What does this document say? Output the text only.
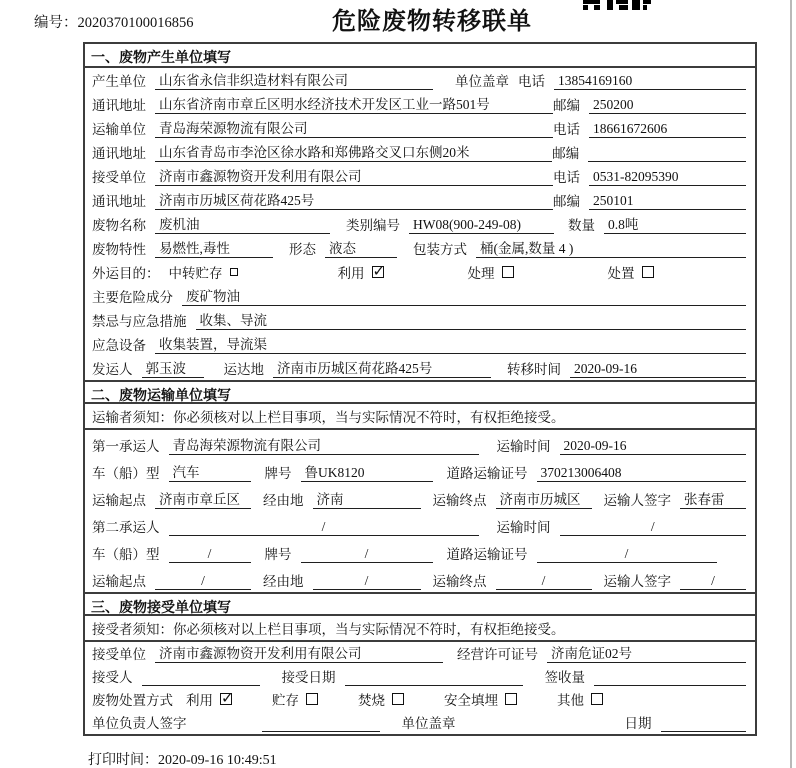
编号：2020370100016856	危险废物转移联单
一、废物产生单位填写
产生单位 山东省永信非织造材料有限公司	单位盖章 电话 13854169160
通讯地址 山东省济南市章丘区明水经济技术开发区工业一路501号	邮编 250200
运输单位 青岛海荣源物流有限公司	电话 18661672606
通讯地址 山东省青岛市李沧区徐水路和郑佛路交叉口东侧20米	邮编
接受单位 济南市鑫源物资开发利用有限公司	电话 0531-82095390
通讯地址 济南市历城区荷花路425号	邮编 250101
废物名称 废机油	类别编号 HW08(900-249-08)	数量 0.8吨
废物特性 易燃性,毒性	形态 液态	包装方式 桶(金属,数量 4 )
外运目的： 中转贮存	利用 ✓	处理	处置
主要危险成分 废矿物油
禁忌与应急措施 收集、导流
应急设备 收集装置，导流渠
发运人 郭玉波	运达地 济南市历城区荷花路425号	转移时间 2020-09-16
二、废物运输单位填写
运输者须知： 你必须核对以上栏目事项，当与实际情况不符时，有权拒绝接受。
第一承运人 青岛海荣源物流有限公司	运输时间 2020-09-16
车（船）型 汽车	牌号 鲁UK8120	道路运输证号 370213006408
运输起点 济南市章丘区	经由地 济南	运输终点 济南市历城区	运输人签字 张春雷
第二承运人	/	运输时间	/
车（船）型	/	牌号	/	道路运输证号	/
运输起点	/	经由地	/	运输终点	/	运输人签字	/
三、废物接受单位填写
接受者须知： 你必须核对以上栏目事项，当与实际情况不符时，有权拒绝接受。
接受单位 济南市鑫源物资开发利用有限公司	经营许可证号 济南危证02号
接受人	接受日期	签收量
废物处置方式 利用 ✓	贮存	焚烧	安全填埋	其他
单位负责人签字	单位盖章	日期
打印时间：2020-09-16 10:49:51
